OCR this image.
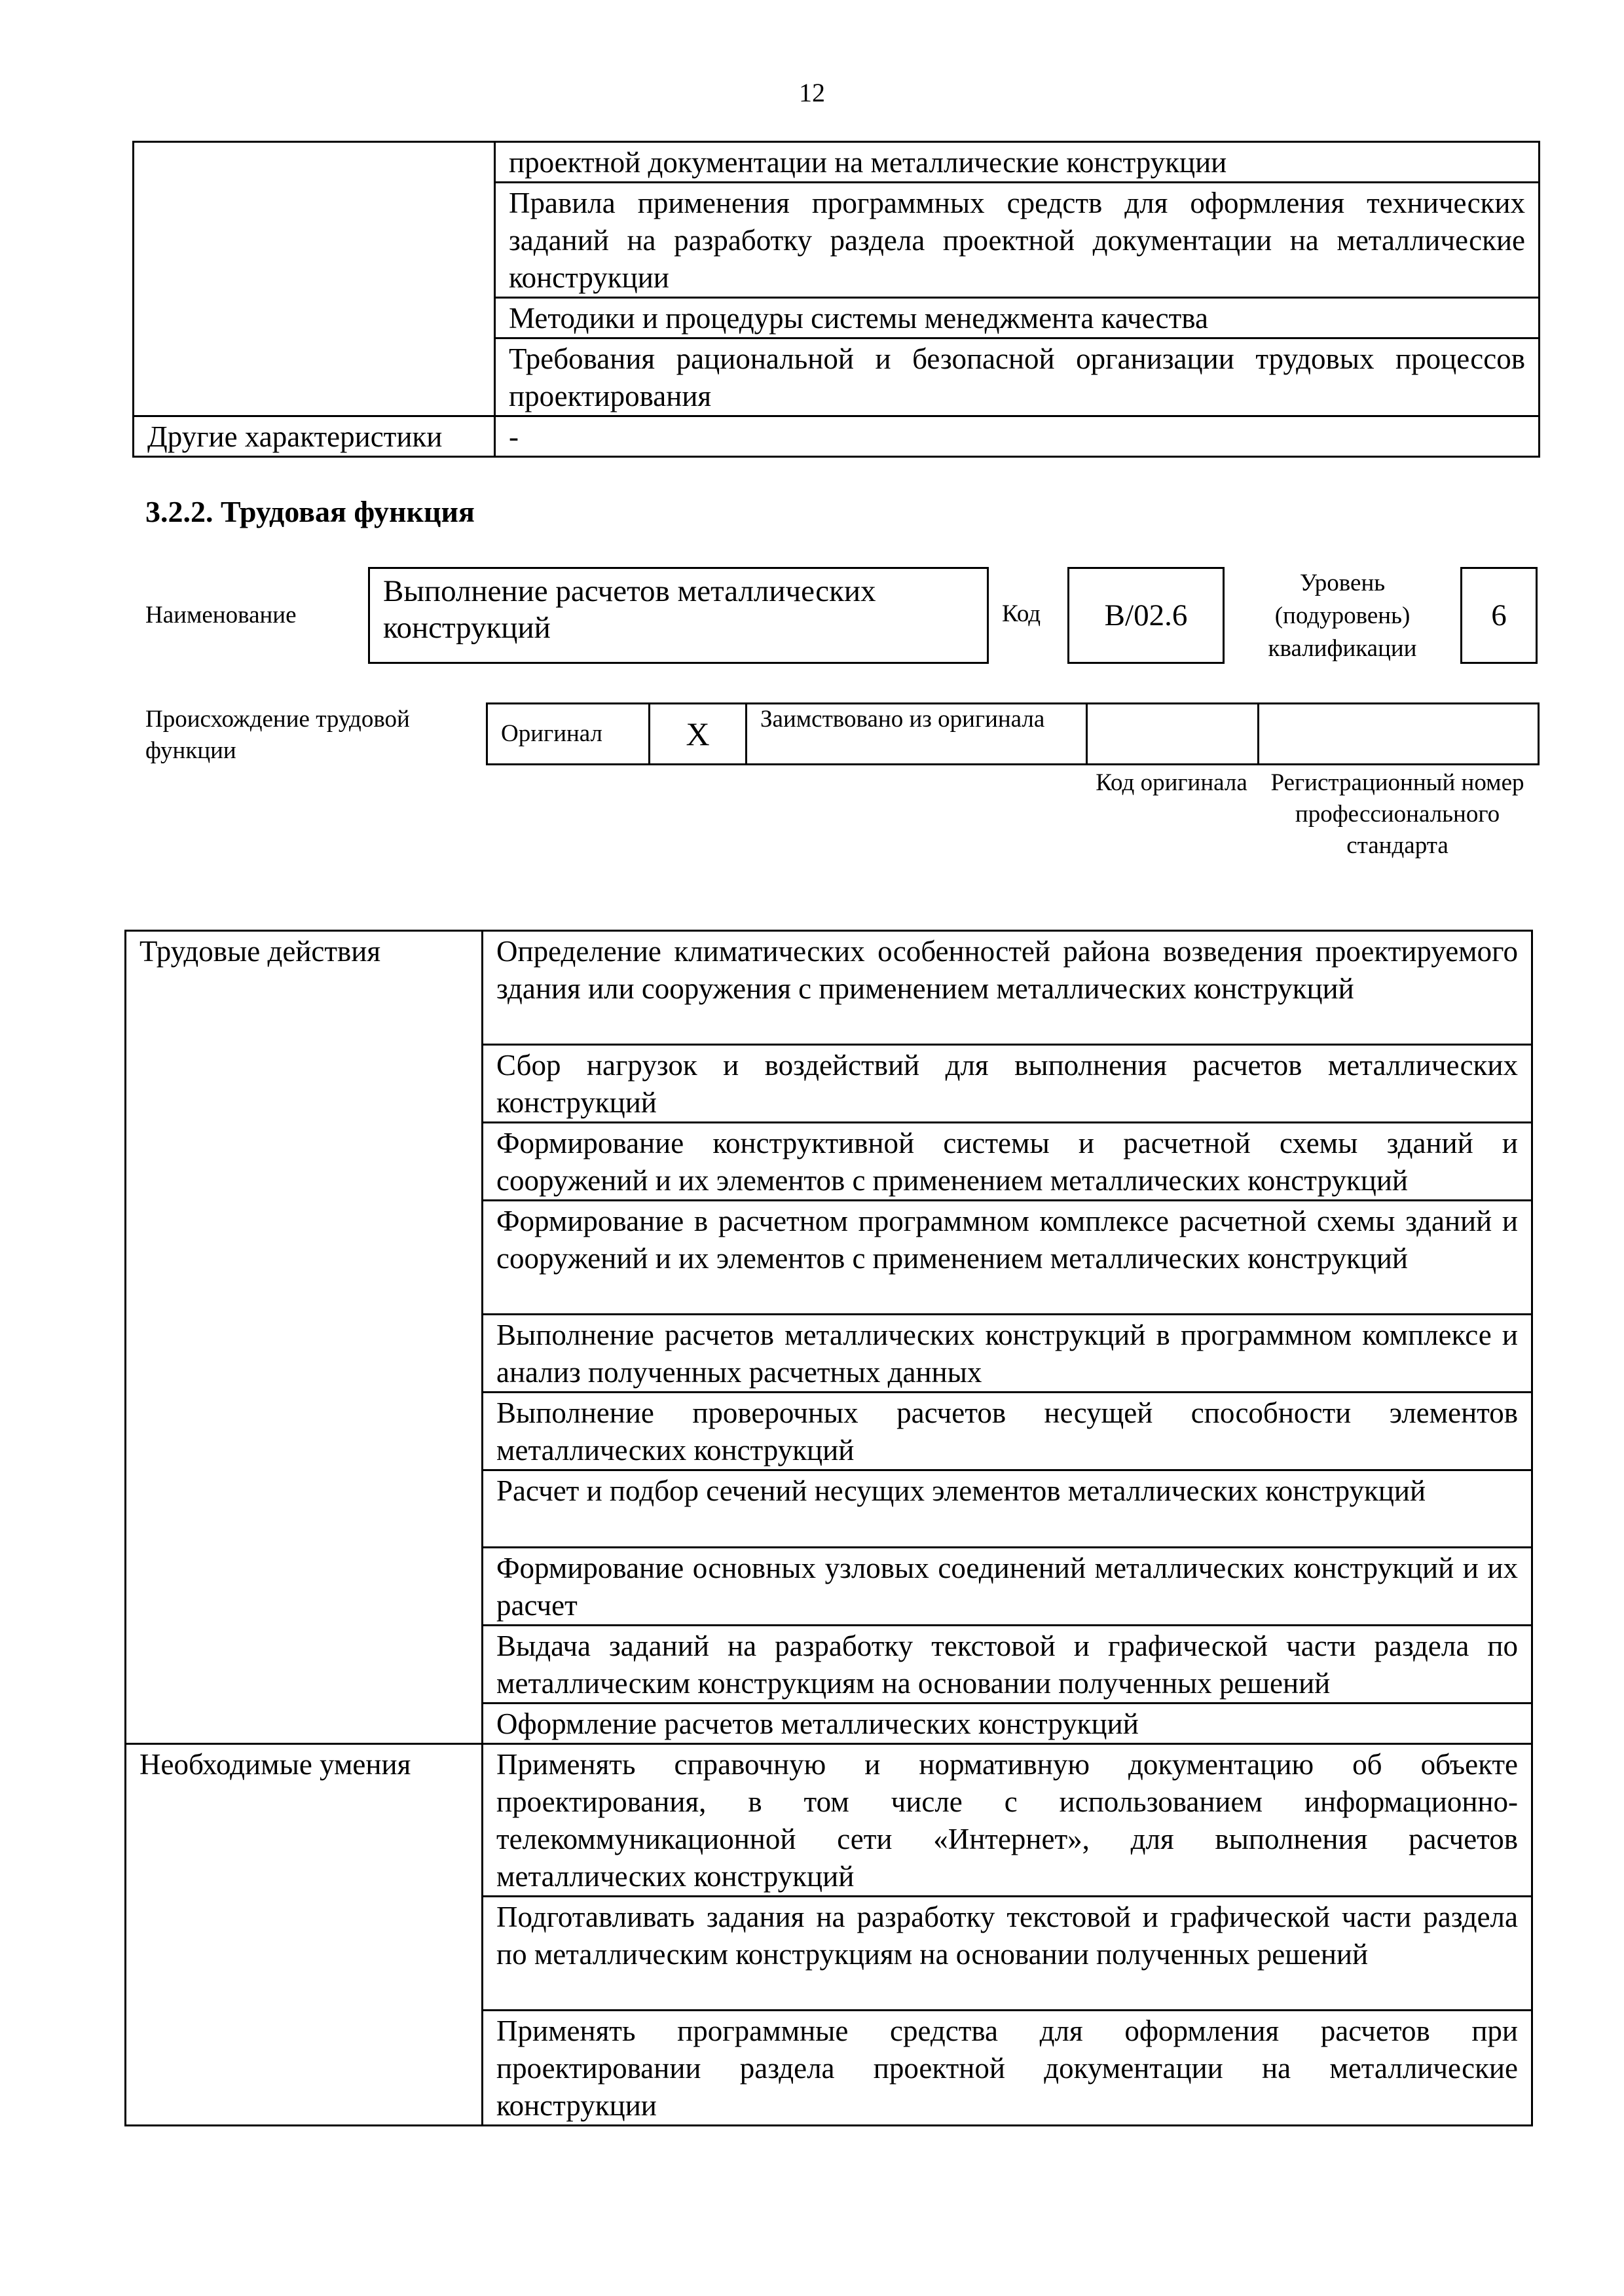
12
	проектной документации на металлические конструкции
	Правила применения программных средств для оформления технических заданий на разработку раздела проектной документации на металлические конструкции
	Методики и процедуры системы менеджмента качества
	Требования рациональной и безопасной организации трудовых процессов проектирования
Другие характеристики	-
3.2.2. Трудовая функция
Наименование
Выполнение расчетов металлических конструкций	Код	B/02.6
Уровень (подуровень) квалификации
6
Происхождение трудовой функции
Оригинал	X	Заимствовано из оригинала		
Код оригинала Регистрационный номер профессионального стандарта
Трудовые действия	Определение климатических особенностей района возведения проектируемого здания или сооружения с применением металлических конструкций
	Сбор нагрузок и воздействий для выполнения расчетов металлических конструкций
	Формирование конструктивной системы и расчетной схемы зданий и сооружений и их элементов с применением металлических конструкций
	Формирование в расчетном программном комплексе расчетной схемы зданий и сооружений и их элементов с применением металлических конструкций
	Выполнение расчетов металлических конструкций в программном комплексе и анализ полученных расчетных данных
	Выполнение проверочных расчетов несущей способности элементов металлических конструкций
	Расчет и подбор сечений несущих элементов металлических конструкций
	Формирование основных узловых соединений металлических конструкций и их расчет
	Выдача заданий на разработку текстовой и графической части раздела по металлическим конструкциям на основании полученных решений
	Оформление расчетов металлических конструкций
Необходимые умения	Применять справочную и нормативную документацию об объекте проектирования, в том числе с использованием информационно-телекоммуникационной сети «Интернет», для выполнения расчетов металлических конструкций
	Подготавливать задания на разработку текстовой и графической части раздела по металлическим конструкциям на основании полученных решений
	Применять программные средства для оформления расчетов при проектировании раздела проектной документации на металлические конструкции
